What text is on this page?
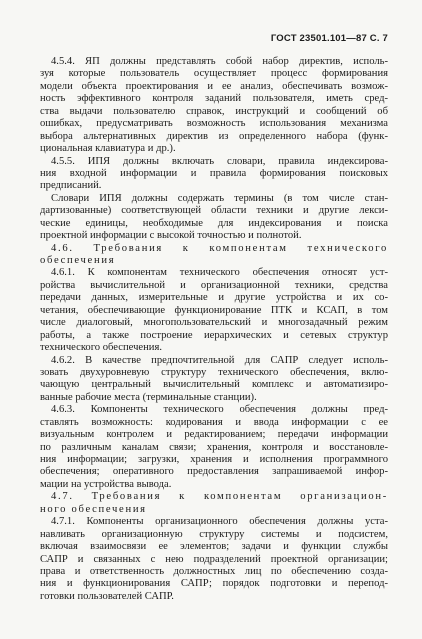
ГОСТ 23501.101—87 С. 7
4.5.4. ЯП должны представлять собой набор директив, исполь-
зуя которые пользователь осуществляет процесс формирования
модели объекта проектирования и ее анализ, обеспечивать возмож-
ность эффективного контроля заданий пользователя, иметь сред-
ства выдачи пользователю справок, инструкций и сообщений об
ошибках, предусматривать возможность использования механизма
выбора альтернативных директив из определенного набора (функ-
циональная клавиатура и др.).
4.5.5. ИПЯ должны включать словари, правила индексирова-
ния входной информации и правила формирования поисковых
предписаний.
Словари ИПЯ должны содержать термины (в том числе стан-
дартизованные) соответствующей области техники и другие лекси-
ческие единицы, необходимые для индексирования и поиска
проектной информации с высокой точностью и полнотой.
4.6. Требования к компонентам технического
обеспечения
4.6.1. К компонентам технического обеспечения относят уст-
ройства вычислительной и организационной техники, средства
передачи данных, измерительные и другие устройства и их со-
четания, обеспечивающие функционирование ПТК и КСАП, в том
числе диалоговый, многопользовательский и многозадачный режим
работы, а также построение иерархических и сетевых структур
технического обеспечения.
4.6.2. В качестве предпочтительной для САПР следует исполь-
зовать двухуровневую структуру технического обеспечения, вклю-
чающую центральный вычислительный комплекс и автоматизиро-
ванные рабочие места (терминальные станции).
4.6.3. Компоненты технического обеспечения должны пред-
ставлять возможность: кодирования и ввода информации с ее
визуальным контролем и редактированием; передачи информации
по различным каналам связи; хранения, контроля и восстановле-
ния информации; загрузки, хранения и исполнения программного
обеспечения; оперативного предоставления запрашиваемой инфор-
мации на устройства вывода.
4.7. Требования к компонентам организацион-
ного обеспечения
4.7.1. Компоненты организационного обеспечения должны уста-
навливать организационную структуру системы и подсистем,
включая взаимосвязи ее элементов; задачи и функции службы
САПР и связанных с нею подразделений проектной организации;
права и ответственность должностных лиц по обеспечению созда-
ния и функционирования САПР; порядок подготовки и перепод-
готовки пользователей САПР.
